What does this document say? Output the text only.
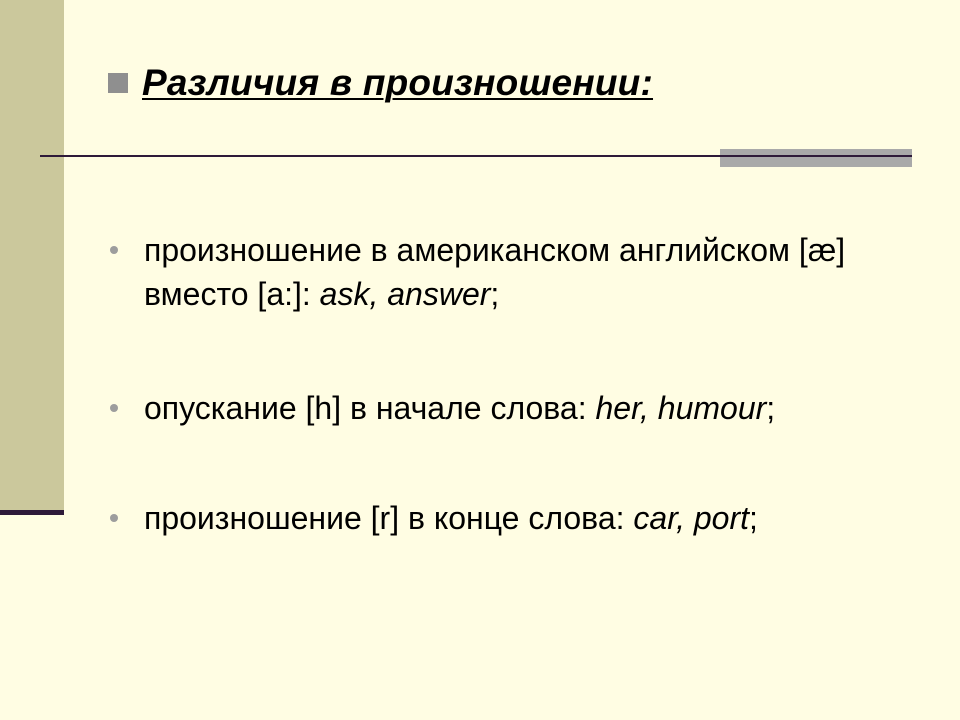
Различия в произношении:
произношение в американском английском [æ] вместо [a:]: ask, answer;
опускание [h] в начале слова: her, humour;
произношение [r] в конце слова: car, port;
